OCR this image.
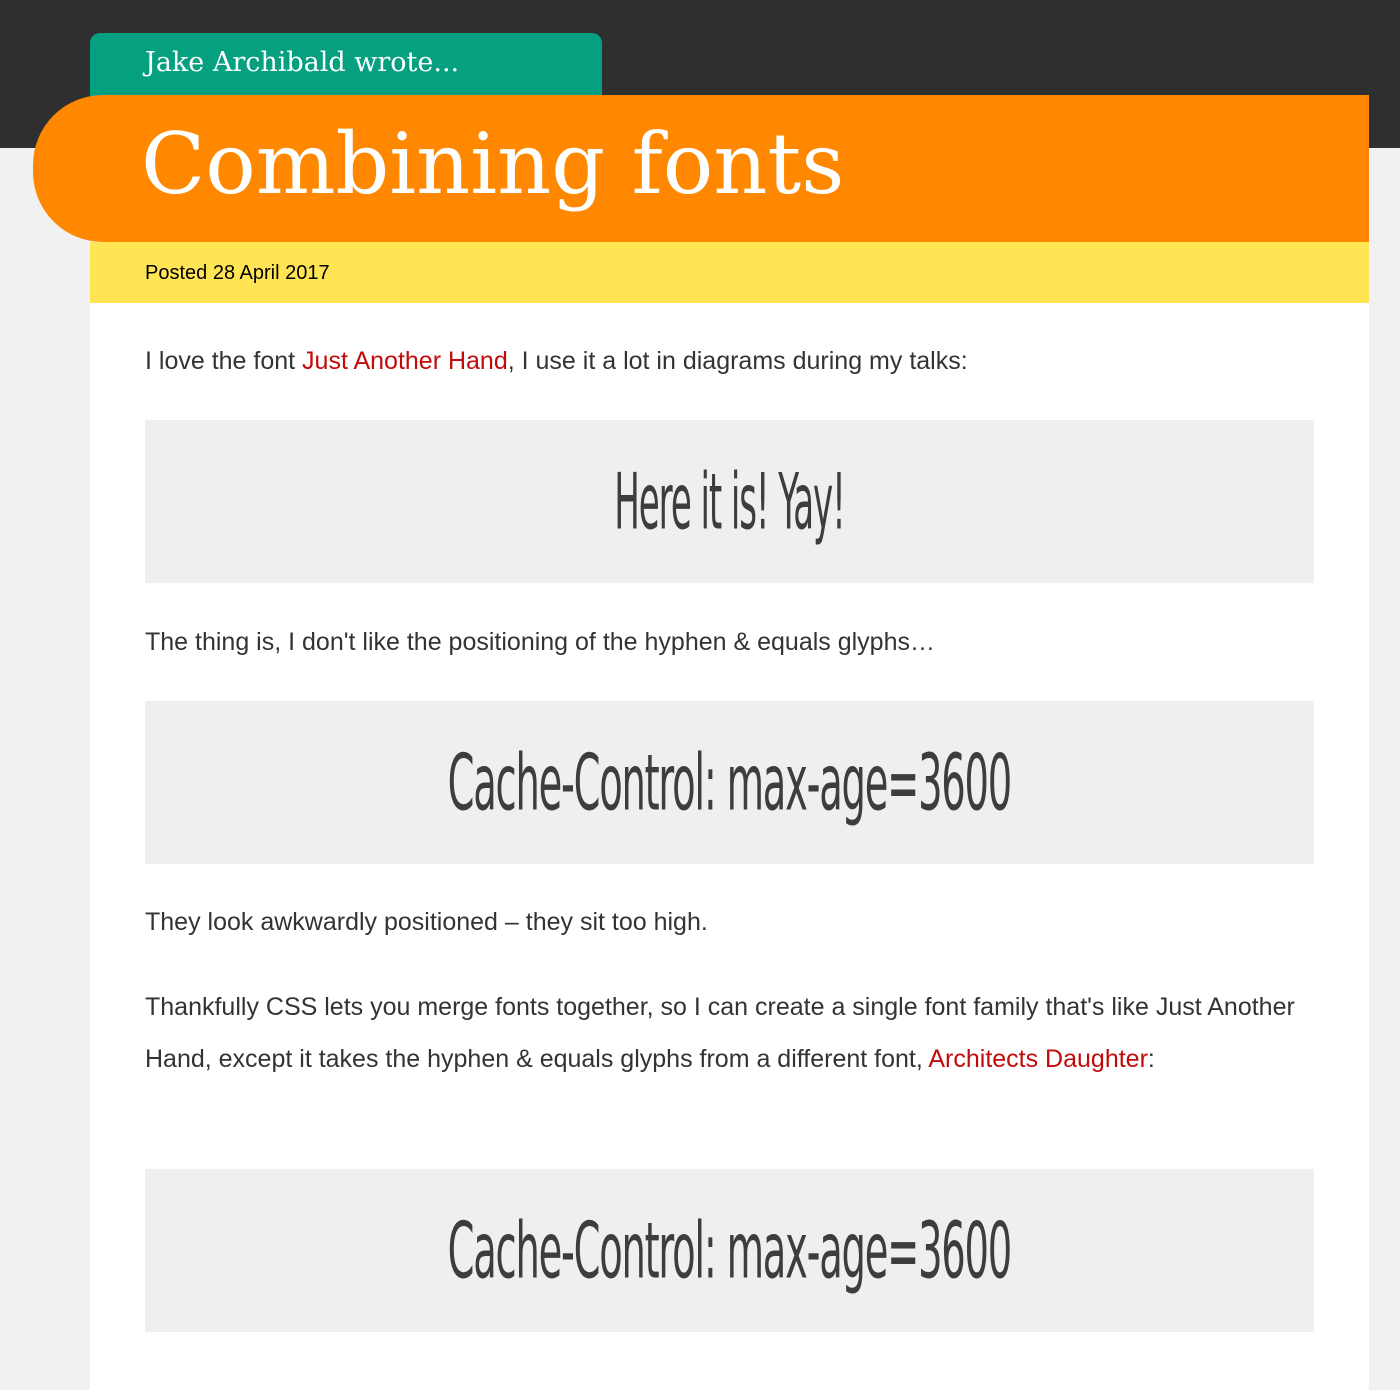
Jake Archibald wrote...
Combining fonts
Posted 28 April 2017

I love the font Just Another Hand, I use it a lot in diagrams during my talks:

Here it is! Yay!

The thing is, I don't like the positioning of the hyphen & equals glyphs…

Cache-Control: max-age=3600

They look awkwardly positioned – they sit too high.

Thankfully CSS lets you merge fonts together, so I can create a single font family that's like Just Another Hand, except it takes the hyphen & equals glyphs from a different font, Architects Daughter:

Cache-Control: max-age=3600
